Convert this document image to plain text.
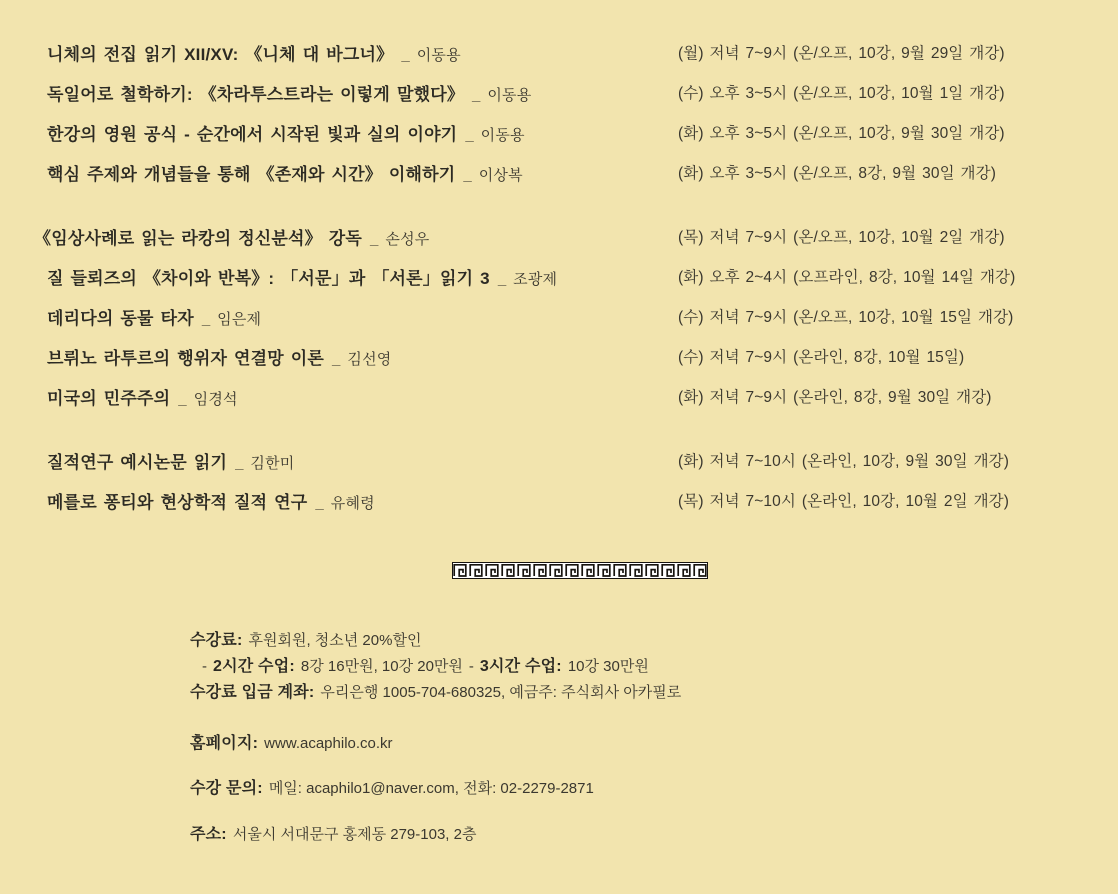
니체의 전집 읽기 XII/XV: 《니체 대 바그너》 _ 이동용	(월) 저녁 7~9시 (온/오프, 10강, 9월 29일 개강)
독일어로 철학하기: 《차라투스트라는 이렇게 말했다》 _ 이동용	(수) 오후 3~5시 (온/오프, 10강, 10월 1일 개강)
한강의 영원 공식 - 순간에서 시작된 빛과 실의 이야기 _ 이동용	(화) 오후 3~5시 (온/오프, 10강, 9월 30일 개강)
핵심 주제와 개념들을 통해 《존재와 시간》 이해하기 _ 이상복	(화) 오후 3~5시 (온/오프, 8강, 9월 30일 개강)
《임상사례로 읽는 라캉의 정신분석》 강독 _ 손성우	(목) 저녁 7~9시 (온/오프, 10강, 10월 2일 개강)
질 들뢰즈의 《차이와 반복》: 「서문」과 「서론」읽기 3 _ 조광제	(화) 오후 2~4시 (오프라인, 8강, 10월 14일 개강)
데리다의 동물 타자 _ 임은제	(수) 저녁 7~9시 (온/오프, 10강, 10월 15일 개강)
브뤼노 라투르의 행위자 연결망 이론 _ 김선영	(수) 저녁 7~9시 (온라인, 8강, 10월 15일)
미국의 민주주의 _ 임경석	(화) 저녁 7~9시 (온라인, 8강, 9월 30일 개강)
질적연구 예시논문 읽기 _ 김한미	(화) 저녁 7~10시 (온라인, 10강, 9월 30일 개강)
메를로 퐁티와 현상학적 질적 연구 _ 유혜령	(목) 저녁 7~10시 (온라인, 10강, 10월 2일 개강)
수강료: 후원회원, 청소년 20%할인
- 2시간 수업: 8강 16만원, 10강 20만원 - 3시간 수업: 10강 30만원
수강료 입금 계좌: 우리은행 1005-704-680325, 예금주: 주식회사 아카필로
홈페이지: www.acaphilo.co.kr
수강 문의: 메일: acaphilo1@naver.com, 전화: 02-2279-2871
주소: 서울시 서대문구 홍제동 279-103, 2층
